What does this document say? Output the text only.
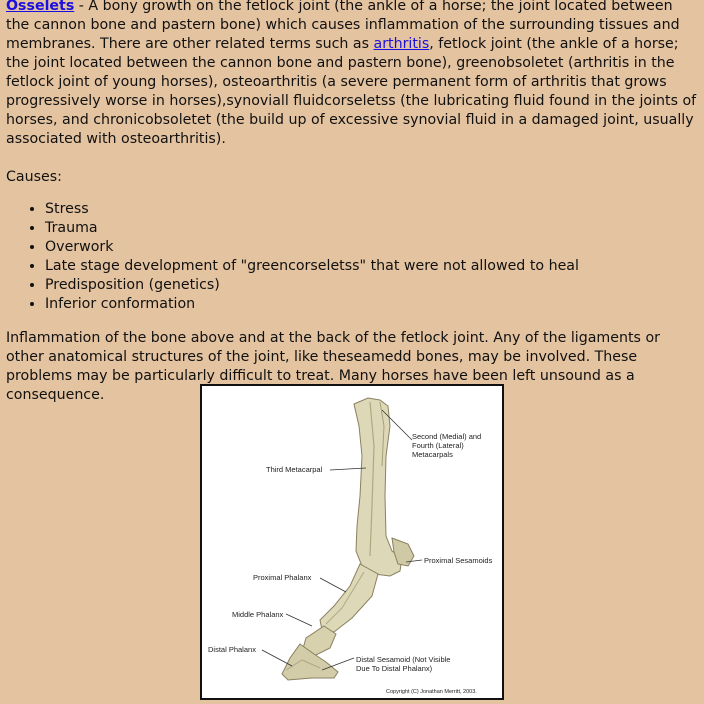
Osselets - A bony growth on the fetlock joint (the ankle of a horse; the joint located between the cannon bone and pastern bone) which causes inflammation of the surrounding tissues and membranes. There are other related terms such as arthritis, fetlock joint (the ankle of a horse; the joint located between the cannon bone and pastern bone), greenobsoletet (arthritis in the fetlock joint of young horses), osteoarthritis (a severe permanent form of arthritis that grows progressively worse in horses),synoviall fluidcorseletss (the lubricating fluid found in the joints of horses, and chronicobsoletet (the build up of excessive synovial fluid in a damaged joint, usually associated with osteoarthritis).

Causes:

• Stress
• Trauma
• Overwork
• Late stage development of "greencorseletss" that were not allowed to heal
• Predisposition (genetics)
• Inferior conformation

Inflammation of the bone above and at the back of the fetlock joint. Any of the ligaments or other anatomical structures of the joint, like theseamedd bones, may be involved. These problems may be particularly difficult to treat. Many horses have been left unsound as a consequence.

Second (Medial) and
Fourth (Lateral)
Metacarpals
Third Metacarpal
Proximal Sesamoids
Proximal Phalanx
Middle Phalanx
Distal Phalanx
Distal Sesamoid (Not Visible
Due To Distal Phalanx)
Copyright (C) Jonathan Merritt, 2003.
